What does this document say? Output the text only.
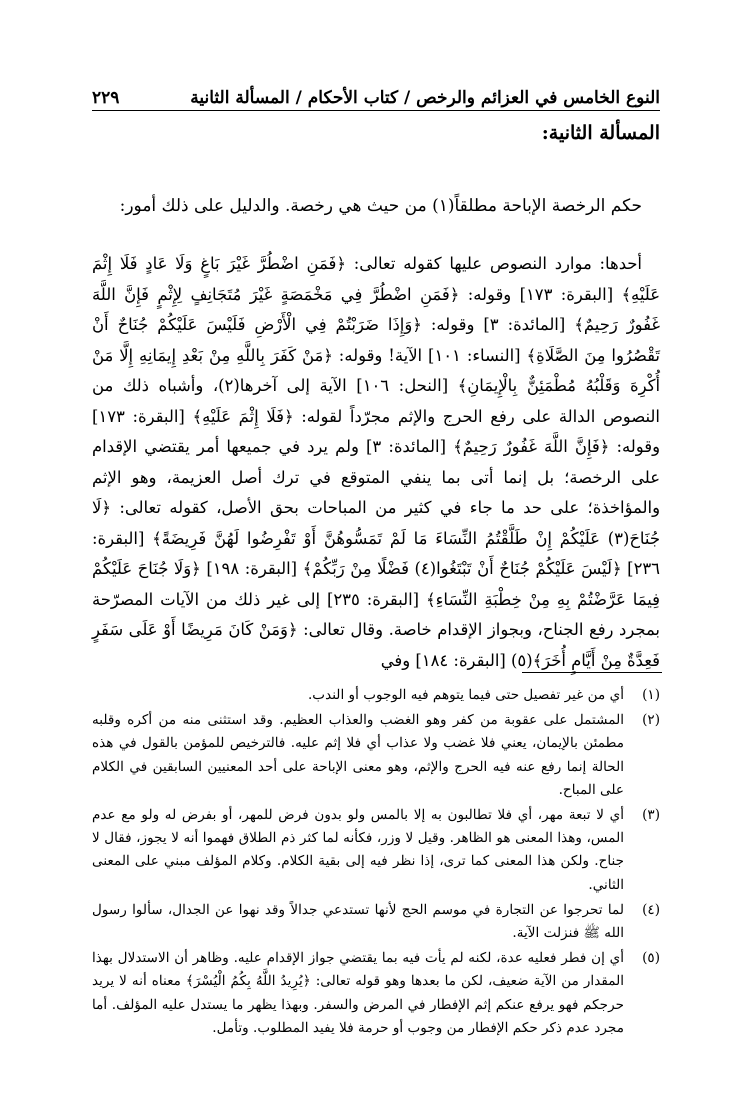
النوع الخامس في العزائم والرخص / كتاب الأحكام / المسألة الثانية
٢٢٩
المسألة الثانية:

حكم الرخصة الإباحة مطلقاً(١) من حيث هي رخصة. والدليل على ذلك أمور:

أحدها: موارد النصوص عليها كقوله تعالى: ﴿فَمَنِ اضْطُرَّ غَيْرَ بَاغٍ وَلَا عَادٍ فَلَا إِثْمَ عَلَيْهِ﴾ [البقرة: ١٧٣] وقوله: ﴿فَمَنِ اضْطُرَّ فِي مَخْمَصَةٍ غَيْرَ مُتَجَانِفٍ لِإِثْمٍ فَإِنَّ اللَّهَ غَفُورٌ رَحِيمٌ﴾ [المائدة: ٣] وقوله: ﴿وَإِذَا ضَرَبْتُمْ فِي الْأَرْضِ فَلَيْسَ عَلَيْكُمْ جُنَاحٌ أَنْ تَقْصُرُوا مِنَ الصَّلَاةِ﴾ [النساء: ١٠١] الآية! وقوله: ﴿مَنْ كَفَرَ بِاللَّهِ مِنْ بَعْدِ إِيمَانِهِ إِلَّا مَنْ أُكْرِهَ وَقَلْبُهُ مُطْمَئِنٌّ بِالْإِيمَانِ﴾ [النحل: ١٠٦] الآية إلى آخرها(٢)، وأشباه ذلك من النصوص الدالة على رفع الحرج والإثم مجرّداً لقوله: ﴿فَلَا إِثْمَ عَلَيْهِ﴾ [البقرة: ١٧٣] وقوله: ﴿فَإِنَّ اللَّهَ غَفُورٌ رَحِيمٌ﴾ [المائدة: ٣] ولم يرد في جميعها أمر يقتضي الإقدام على الرخصة؛ بل إنما أتى بما ينفي المتوقع في ترك أصل العزيمة، وهو الإثم والمؤاخذة؛ على حد ما جاء في كثير من المباحات بحق الأصل، كقوله تعالى: ﴿لَا جُنَاحَ(٣) عَلَيْكُمْ إِنْ طَلَّقْتُمُ النِّسَاءَ مَا لَمْ تَمَسُّوهُنَّ أَوْ تَفْرِضُوا لَهُنَّ فَرِيضَةً﴾ [البقرة: ٢٣٦] ﴿لَيْسَ عَلَيْكُمْ جُنَاحٌ أَنْ تَبْتَغُوا(٤) فَضْلًا مِنْ رَبِّكُمْ﴾ [البقرة: ١٩٨] ﴿وَلَا جُنَاحَ عَلَيْكُمْ فِيمَا عَرَّضْتُمْ بِهِ مِنْ خِطْبَةِ النِّسَاءِ﴾ [البقرة: ٢٣٥] إلى غير ذلك من الآيات المصرّحة بمجرد رفع الجناح، وبجواز الإقدام خاصة. وقال تعالى: ﴿وَمَنْ كَانَ مَرِيضًا أَوْ عَلَى سَفَرٍ فَعِدَّةٌ مِنْ أَيَّامٍ أُخَرَ﴾(٥) [البقرة: ١٨٤] وفي

(١)
أي من غير تفصيل حتى فيما يتوهم فيه الوجوب أو الندب.
(٢)
المشتمل على عقوبة من كفر وهو الغضب والعذاب العظيم. وقد استثنى منه من أكره وقلبه مطمئن بالإيمان، يعني فلا غضب ولا عذاب أي فلا إثم عليه. فالترخيص للمؤمن بالقول في هذه الحالة إنما رفع عنه فيه الحرج والإثم، وهو معنى الإباحة على أحد المعنيين السابقين في الكلام على المباح.
(٣)
أي لا تبعة مهر، أي فلا تطالبون به إلا بالمس ولو بدون فرض للمهر، أو بفرض له ولو مع عدم المس، وهذا المعنى هو الظاهر. وقيل لا وزر، فكأنه لما كثر ذم الطلاق فهموا أنه لا يجوز، فقال لا جناح. ولكن هذا المعنى كما ترى، إذا نظر فيه إلى بقية الكلام. وكلام المؤلف مبني على المعنى الثاني.
(٤)
لما تحرجوا عن التجارة في موسم الحج لأنها تستدعي جدالاً وقد نهوا عن الجدال، سألوا رسول الله ﷺ فنزلت الآية.
(٥)
أي إن فطر فعليه عدة، لكنه لم يأت فيه بما يقتضي جواز الإقدام عليه. وظاهر أن الاستدلال بهذا المقدار من الآية ضعيف، لكن ما بعدها وهو قوله تعالى: ﴿يُرِيدُ اللَّهُ بِكُمُ الْيُسْرَ﴾ معناه أنه لا يريد حرجكم فهو يرفع عنكم إثم الإفطار في المرض والسفر. وبهذا يظهر ما يستدل عليه المؤلف. أما مجرد عدم ذكر حكم الإفطار من وجوب أو حرمة فلا يفيد المطلوب. وتأمل.
